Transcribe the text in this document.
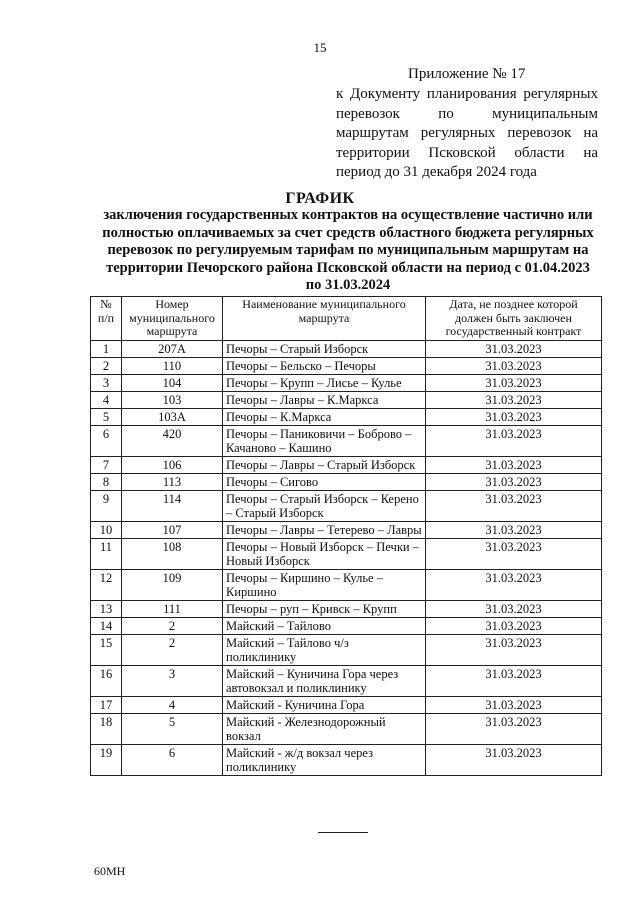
15
Приложение № 17
к Документу планирования регулярных перевозок по муниципальным маршрутам регулярных перевозок на территории Псковской области на период до 31 декабря 2024 года
ГРАФИК
заключения государственных контрактов на осуществление частично или полностью оплачиваемых за счет средств областного бюджета регулярных перевозок по регулируемым тарифам по муниципальным маршрутам на территории Печорского района Псковской области на период с 01.04.2023 по 31.03.2024
№ п/п	Номер муниципального маршрута	Наименование муниципального маршрута	Дата, не позднее которой должен быть заключен государственный контракт
1	207А	Печоры – Старый Изборск	31.03.2023
2	110	Печоры – Бельско – Печоры	31.03.2023
3	104	Печоры – Крупп – Лисье – Кулье	31.03.2023
4	103	Печоры – Лавры – К.Маркса	31.03.2023
5	103А	Печоры – К.Маркса	31.03.2023
6	420	Печоры – Паниковичи – Боброво – Качаново – Кашино	31.03.2023
7	106	Печоры – Лавры – Старый Изборск	31.03.2023
8	113	Печоры – Сигово	31.03.2023
9	114	Печоры – Старый Изборск – Керено – Старый Изборск	31.03.2023
10	107	Печоры – Лавры – Тетерево – Лавры	31.03.2023
11	108	Печоры – Новый Изборск – Печки – Новый Изборск	31.03.2023
12	109	Печоры – Киршино – Кулье – Киршино	31.03.2023
13	111	Печоры – руп – Кривск – Крупп	31.03.2023
14	2	Майский – Тайлово	31.03.2023
15	2	Майский – Тайлово ч/з поликлинику	31.03.2023
16	3	Майский – Куничина Гора через автовокзал и поликлинику	31.03.2023
17	4	Майский - Куничина Гора	31.03.2023
18	5	Майский - Железнодорожный вокзал	31.03.2023
19	6	Майский - ж/д вокзал через поликлинику	31.03.2023
60МН
